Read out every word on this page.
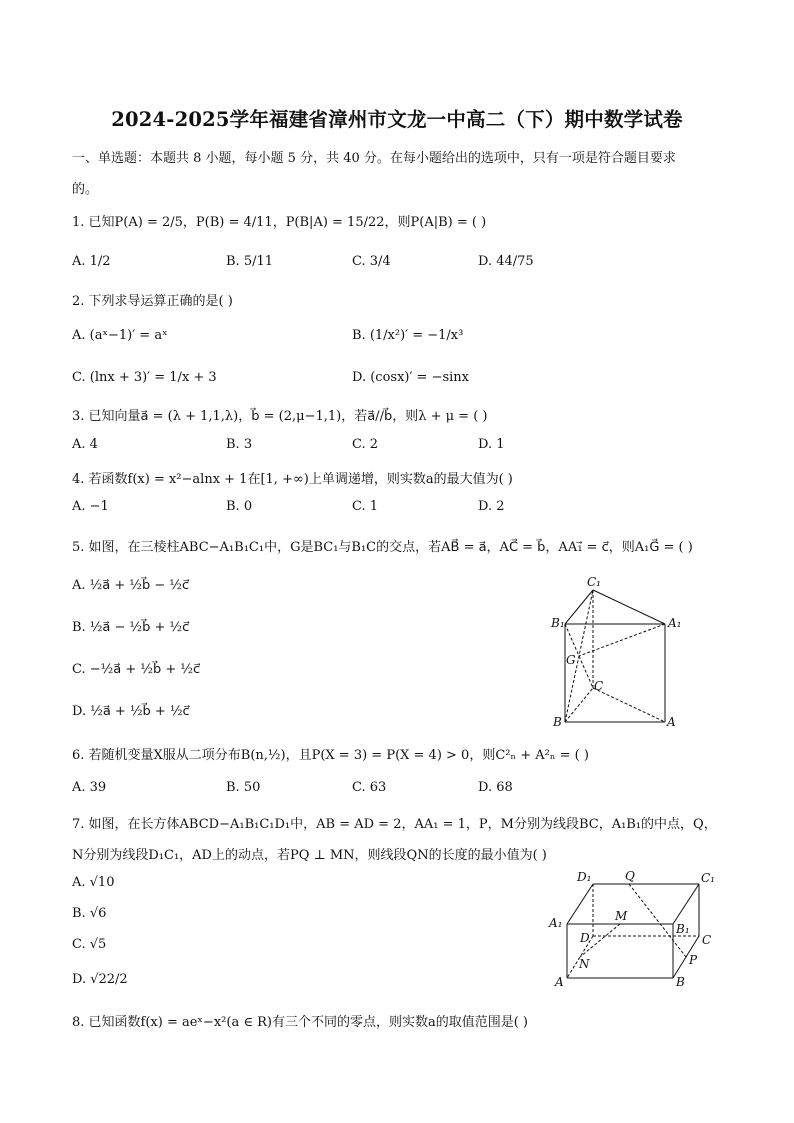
2024-2025学年福建省漳州市文龙一中高二（下）期中数学试卷
一、单选题：本题共 8 小题，每小题 5 分，共 40 分。在每小题给出的选项中，只有一项是符合题目要求
的。
1. 已知P(A) = 2/5，P(B) = 4/11，P(B|A) = 15/22，则P(A|B) = ( )
A. 1/2	B. 5/11	C. 3/4	D. 44/75
2. 下列求导运算正确的是( )
A. (aˣ−1)′ = aˣ	B. (1/x²)′ = −1/x³
C. (lnx + 3)′ = 1/x + 3	D. (cosx)′ = −sinx
3. 已知向量a⃗ = (λ + 1,1,λ)，b⃗ = (2,μ−1,1)，若a⃗//b⃗，则λ + μ = ( )
A. 4	B. 3	C. 2	D. 1
4. 若函数f(x) = x²−alnx + 1在[1, +∞)上单调递增，则实数a的最大值为( )
A. −1	B. 0	C. 1	D. 2
5. 如图，在三棱柱ABC−A₁B₁C₁中，G是BC₁与B₁C的交点，若AB⃗ = a⃗，AC⃗ = b⃗，AA₁⃗ = c⃗，则A₁G⃗ = ( )
A. ½a⃗ + ½b⃗ − ½c⃗
B. ½a⃗ − ½b⃗ + ½c⃗
C. −½a⃗ + ½b⃗ + ½c⃗
D. ½a⃗ + ½b⃗ + ½c⃗
C₁
B₁	A₁
G
C
B	A
6. 若随机变量X服从二项分布B(n,½)，且P(X = 3) = P(X = 4) > 0，则C²ₙ + A²ₙ = ( )
A. 39	B. 50	C. 63	D. 68
7. 如图，在长方体ABCD−A₁B₁C₁D₁中，AB = AD = 2，AA₁ = 1，P，M分别为线段BC，A₁B₁的中点，Q，
N分别为线段D₁C₁，AD上的动点，若PQ ⊥ MN，则线段QN的长度的最小值为( )
A. √10
B. √6
C. √5
D. √22/2
D₁	Q	C₁
A₁	M
B₁
D	C
N	P
A	B
8. 已知函数f(x) = aeˣ−x²(a ∈ R)有三个不同的零点，则实数a的取值范围是( )
